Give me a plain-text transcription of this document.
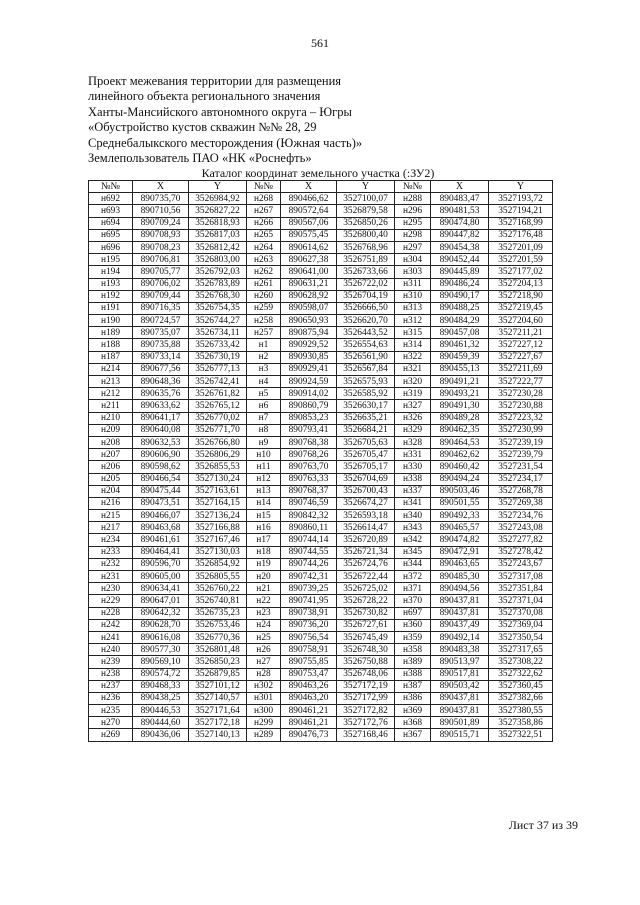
561
Проект межевания территории для размещения
линейного объекта регионального значения
Ханты-Мансийского автономного округа – Югры
«Обустройство кустов скважин №№ 28, 29
Среднебалыкского месторождения (Южная часть)»
Землепользователь ПАО «НК «Роснефть»
Каталог координат земельного участка (:ЗУ2)
№№	X	Y	№№	X	Y	№№	X	Y
н692	890735,70	3526984,92	н268	890466,62	3527100,07	н288	890483,47	3527193,72
н693	890710,56	3526827,22	н267	890572,64	3526879,58	н296	890481,53	3527194,21
н694	890709,24	3526818,93	н266	890567,06	3526850,26	н295	890474,80	3527168,99
н695	890708,93	3526817,03	н265	890575,45	3526800,40	н298	890447,82	3527176,48
н696	890708,23	3526812,42	н264	890614,62	3526768,96	н297	890454,38	3527201,09
н195	890706,81	3526803,00	н263	890627,38	3526751,89	н304	890452,44	3527201,59
н194	890705,77	3526792,03	н262	890641,00	3526733,66	н303	890445,89	3527177,02
н193	890706,02	3526783,89	н261	890631,21	3526722,02	н311	890486,24	3527204,13
н192	890709,44	3526768,30	н260	890628,92	3526704,19	н310	890490,17	3527218,90
н191	890716,35	3526754,35	н259	890598,07	3526666,50	н313	890488,25	3527219,45
н190	890724,57	3526744,27	н258	890650,93	3526620,70	н312	890484,29	3527204,60
н189	890735,07	3526734,11	н257	890875,94	3526443,52	н315	890457,08	3527211,21
н188	890735,88	3526733,42	н1	890929,52	3526554,63	н314	890461,32	3527227,12
н187	890733,14	3526730,19	н2	890930,85	3526561,90	н322	890459,39	3527227,67
н214	890677,56	3526777,13	н3	890929,41	3526567,84	н321	890455,13	3527211,69
н213	890648,36	3526742,41	н4	890924,59	3526575,93	н320	890491,21	3527222,77
н212	890635,76	3526761,82	н5	890914,02	3526585,92	н319	890493,21	3527230,28
н211	890633,62	3526765,12	н6	890860,79	3526630,17	н327	890491,30	3527230,88
н210	890641,17	3526770,02	н7	890853,23	3526635,21	н326	890489,28	3527223,32
н209	890640,08	3526771,70	н8	890793,41	3526684,21	н329	890462,35	3527230,99
н208	890632,53	3526766,80	н9	890768,38	3526705,63	н328	890464,53	3527239,19
н207	890606,90	3526806,29	н10	890768,26	3526705,47	н331	890462,62	3527239,79
н206	890598,62	3526855,53	н11	890763,70	3526705,17	н330	890460,42	3527231,54
н205	890466,54	3527130,24	н12	890763,33	3526704,69	н338	890494,24	3527234,17
н204	890475,44	3527163,61	н13	890768,37	3526700,43	н337	890503,46	3527268,78
н216	890473,51	3527164,15	н14	890746,59	3526674,27	н341	890501,55	3527269,38
н215	890466,07	3527136,24	н15	890842,32	3526593,18	н340	890492,33	3527234,76
н217	890463,68	3527166,88	н16	890860,11	3526614,47	н343	890465,57	3527243,08
н234	890461,61	3527167,46	н17	890744,14	3526720,89	н342	890474,82	3527277,82
н233	890464,41	3527130,03	н18	890744,55	3526721,34	н345	890472,91	3527278,42
н232	890596,70	3526854,92	н19	890744,26	3526724,76	н344	890463,65	3527243,67
н231	890605,00	3526805,55	н20	890742,31	3526722,44	н372	890485,30	3527317,08
н230	890634,41	3526760,22	н21	890739,25	3526725,02	н371	890494,56	3527351,84
н229	890647,01	3526740,81	н22	890741,95	3526728,22	н370	890437,81	3527371,04
н228	890642,32	3526735,23	н23	890738,91	3526730,82	н697	890437,81	3527370,08
н242	890628,70	3526753,46	н24	890736,20	3526727,61	н360	890437,49	3527369,04
н241	890616,08	3526770,36	н25	890756,54	3526745,49	н359	890492,14	3527350,54
н240	890577,30	3526801,48	н26	890758,91	3526748,30	н358	890483,38	3527317,65
н239	890569,10	3526850,23	н27	890755,85	3526750,88	н389	890513,97	3527308,22
н238	890574,72	3526879,85	н28	890753,47	3526748,06	н388	890517,81	3527322,62
н237	890468,33	3527101,12	н302	890463,26	3527172,19	н387	890503,42	3527360,45
н236	890438,25	3527140,57	н301	890463,20	3527172,99	н386	890437,81	3527382,66
н235	890446,53	3527171,64	н300	890461,21	3527172,82	н369	890437,81	3527380,55
н270	890444,60	3527172,18	н299	890461,21	3527172,76	н368	890501,89	3527358,86
н269	890436,06	3527140,13	н289	890476,73	3527168,46	н367	890515,71	3527322,51
Лист 37 из 39
